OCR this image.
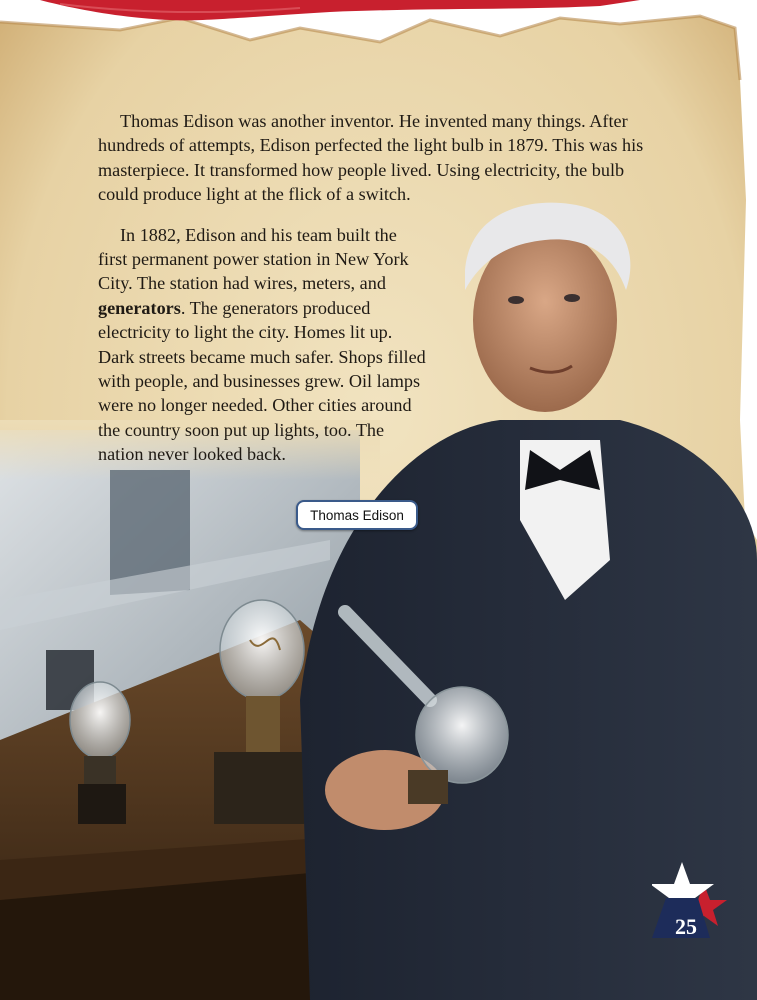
Thomas Edison was another inventor. He invented many things. After hundreds of attempts, Edison perfected the light bulb in 1879. This was his masterpiece. It transformed how people lived. Using electricity, the bulb could produce light at the flick of a switch.

In 1882, Edison and his team built the first permanent power station in New York City. The station had wires, meters, and generators. The generators produced electricity to light the city. Homes lit up. Dark streets became much safer. Shops filled with people, and businesses grew. Oil lamps were no longer needed. Other cities around the country soon put up lights, too. The nation never looked back.

Thomas Edison
25
